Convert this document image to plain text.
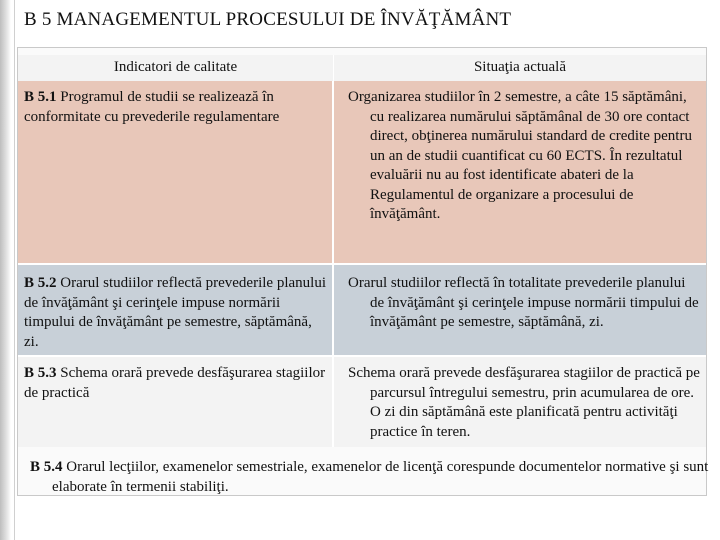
B 5 MANAGEMENTUL PROCESULUI DE ÎNVĂŢĂMÂNT
Indicatori de calitate	Situaţia actuală
B 5.1 Programul de studii se realizează în conformitate cu prevederile regulamentare

Organizarea studiilor în 2 semestre, a câte 15 săptămâni, cu realizarea numărului săptămânal de 30 ore contact direct, obţinerea numărului standard de credite pentru un an de studii cuantificat cu 60 ECTS. În rezultatul evaluării nu au fost identificate abateri de la Regulamentul de organizare a procesului de învăţământ.

B 5.2 Orarul studiilor reflectă prevederile planului de învăţământ şi cerinţele impuse normării timpului de învăţământ pe semestre, săptămână, zi.

Orarul studiilor reflectă în totalitate prevederile planului de învăţământ şi cerinţele impuse normării timpului de învăţământ pe semestre, săptămână, zi.

B 5.3 Schema orară prevede desfăşurarea stagiilor de practică

Schema orară prevede desfăşurarea stagiilor de practică pe parcursul întregului semestru, prin acumularea de ore. O zi din săptămână este planificată pentru activităţi practice în teren.

B 5.4 Orarul lecţiilor, examenelor semestriale, examenelor de licenţă corespunde documentelor normative şi sunt elaborate în termenii stabiliţi.
